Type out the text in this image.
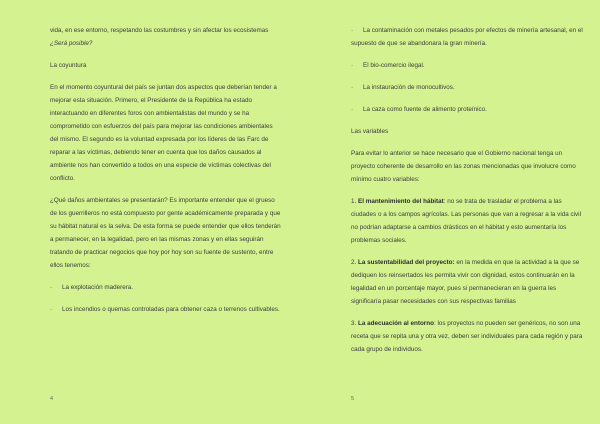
vida, en ese entorno, respetando las costumbres y sin afectar los ecosistemas ¿Será posible?

La coyuntura

En el momento coyuntural del país se juntan dos aspectos que deberían tender a mejorar esta situación. Primero, el Presidente de la República ha estado interactuando en diferentes foros con ambientalistas del mundo y se ha comprometido con esfuerzos del país para mejorar las condiciones ambientales del mismo. El segundo es la voluntad expresada por los líderes de las Farc de reparar a las víctimas, debiendo tener en cuenta que los daños causados al ambiente nos han convertido a todos en una especie de víctimas colectivas del conflicto.

¿Qué daños ambientales se presentarán? Es importante entender que el grueso de los guerrilleros no está compuesto por gente académicamente preparada y que su hábitat natural es la selva. De esta forma se puede entender que ellos tenderán a permanecer, en la legalidad, pero en las mismas zonas y en ellas seguirán tratando de practicar negocios que hoy por hoy son su fuente de sustento, entre ellos tenemos:

·	La explotación maderera.
· Los incendios o quemas controladas para obtener caza o terrenos cultivables.
4
· La contaminación con metales pesados por efectos de minería artesanal, en el supuesto de que se abandonara la gran minería.
·	El bio-comercio ilegal.
·	La instauración de monocultivos.
·	La caza como fuente de alimento proteínico.

Las variables

Para evitar lo anterior se hace necesario que el Gobierno nacional tenga un proyecto coherente de desarrollo en las zonas mencionadas que involucre como mínimo cuatro variables:

1. El mantenimiento del hábitat: no se trata de trasladar el problema a las ciudades o a los campos agrícolas. Las personas que van a regresar a la vida civil no podrían adaptarse a cambios drásticos en el hábitat y esto aumentaría los problemas sociales.

2. La sustentabilidad del proyecto: en la medida en que la actividad a la que se dediquen los reinsertados les permita vivir con dignidad, estos continuarán en la legalidad en un porcentaje mayor, pues si permanecieran en la guerra les significaría pasar necesidades con sus respectivas familias

3. La adecuación al entorno: los proyectos no pueden ser genéricos, no son una receta que se repita una y otra vez, deben ser individuales para cada región y para cada grupo de individuos.

5
